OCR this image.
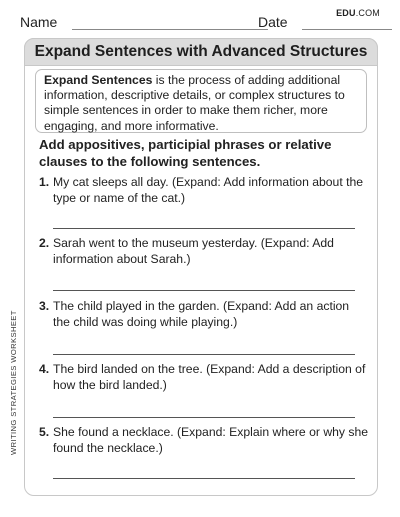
Name	Date
EDU.COM
Expand Sentences with Advanced Structures
Expand Sentences is the process of adding additional information, descriptive details, or complex structures to simple sentences in order to make them richer, more engaging, and more informative.
Add appositives, participial phrases or relative clauses to the following sentences.
1. My cat sleeps all day. (Expand: Add information about the type or name of the cat.)
2. Sarah went to the museum yesterday. (Expand: Add information about Sarah.)
3. The child played in the garden. (Expand: Add an action the child was doing while playing.)
4. The bird landed on the tree. (Expand: Add a description of how the bird landed.)
5. She found a necklace. (Expand: Explain where or why she found the necklace.)
WRITING STRATEGIES WORKSHEET
